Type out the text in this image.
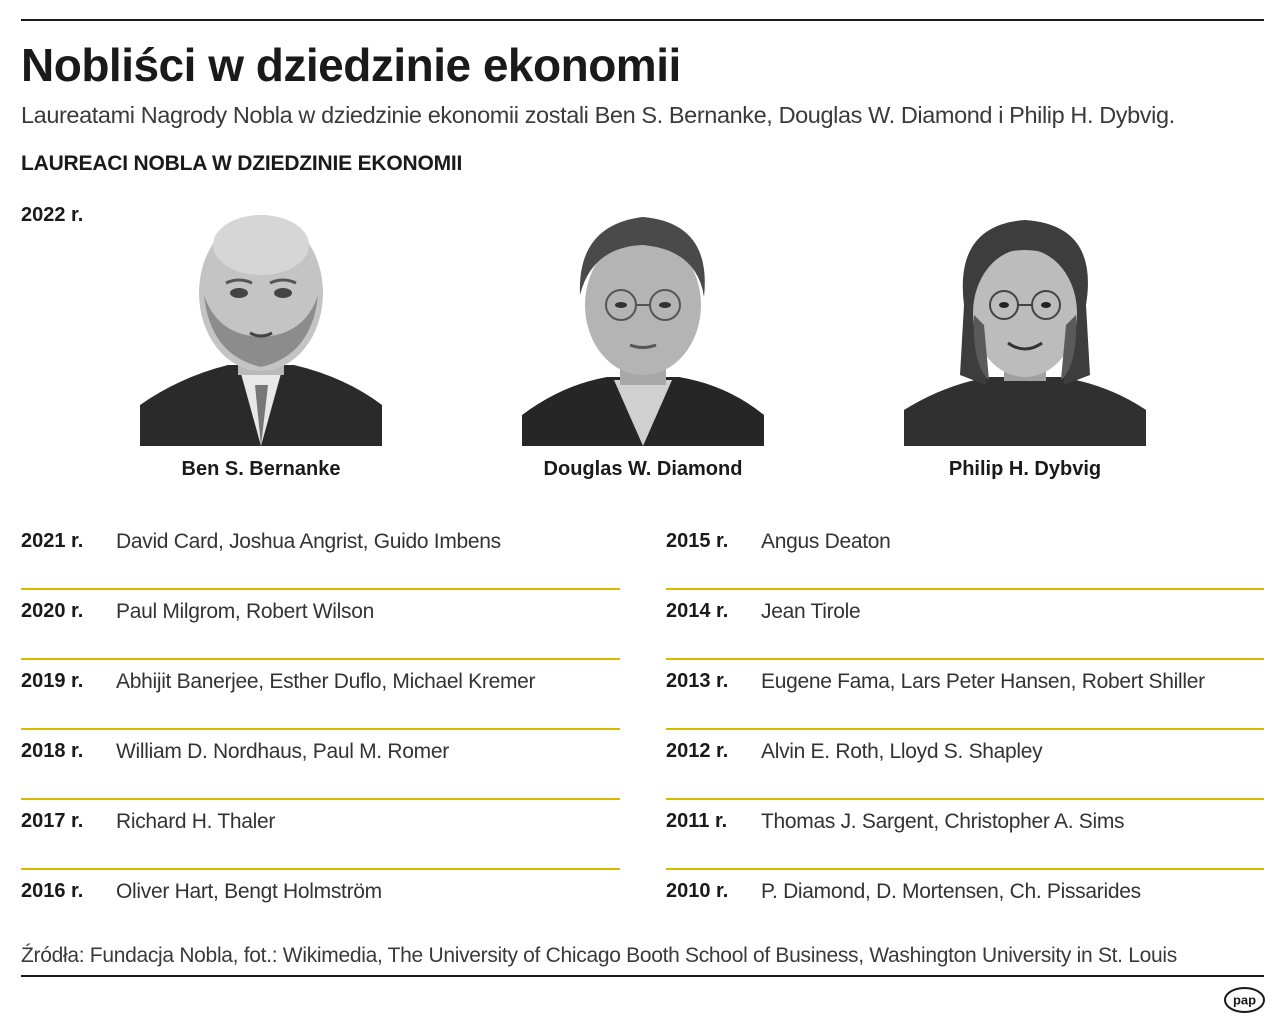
Nobliści w dziedzinie ekonomii
Laureatami Nagrody Nobla w dziedzinie ekonomii zostali Ben S. Bernanke, Douglas W. Diamond i Philip H. Dybvig.
LAUREACI NOBLA W DZIEDZINIE EKONOMII
2022 r.
Ben S. Bernanke	Douglas W. Diamond	Philip H. Dybvig
2021 r. David Card, Joshua Angrist, Guido Imbens
2020 r. Paul Milgrom, Robert Wilson
2019 r. Abhijit Banerjee, Esther Duflo, Michael Kremer
2018 r. William D. Nordhaus, Paul M. Romer
2017 r. Richard H. Thaler
2016 r. Oliver Hart, Bengt Holmström
2015 r. Angus Deaton
2014 r. Jean Tirole
2013 r. Eugene Fama, Lars Peter Hansen, Robert Shiller
2012 r. Alvin E. Roth, Lloyd S. Shapley
2011 r. Thomas J. Sargent, Christopher A. Sims
2010 r. P. Diamond, D. Mortensen, Ch. Pissarides
Źródła: Fundacja Nobla, fot.: Wikimedia, The University of Chicago Booth School of Business, Washington University in St. Louis
pap
